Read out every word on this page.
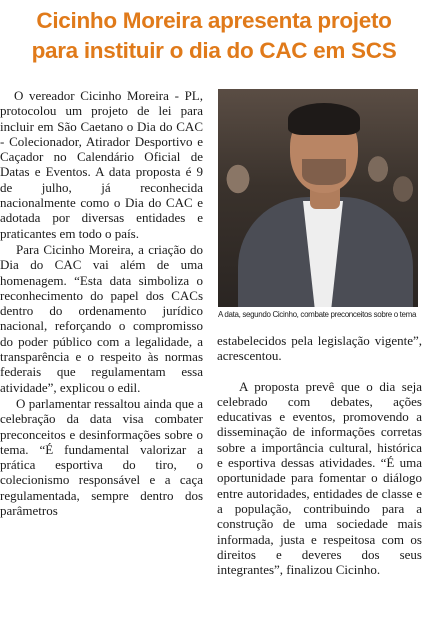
Cicinho Moreira apresenta projeto
para instituir o dia do CAC em SCS

O vereador Cicinho Moreira - PL, protocolou um projeto de lei para incluir em São Caetano o Dia do CAC - Colecionador, Atirador Desportivo e Caçador no Calendário Oficial de Datas e Eventos. A data proposta é 9 de julho, já reconhecida nacionalmente como o Dia do CAC e adotada por diversas entidades e praticantes em todo o país.

Para Cicinho Moreira, a criação do Dia do CAC vai além de uma homenagem. “Esta data simboliza o reconhecimento do papel dos CACs dentro do ordenamento jurídico nacional, reforçando o compromisso do poder público com a legalidade, a transparência e o respeito às normas federais que regulamentam essa atividade”, explicou o edil.

O parlamentar ressaltou ainda que a celebração da data visa combater preconceitos e desinformações sobre o tema. “É fundamental valorizar a prática esportiva do tiro, o colecionismo responsável e a caça regulamentada, sempre dentro dos parâmetros

A data, segundo Cicinho, combate preconceitos sobre o tema

estabelecidos pela legislação vigente”, acrescentou.

A proposta prevê que o dia seja celebrado com debates, ações educativas e eventos, promovendo a disseminação de informações corretas sobre a importância cultural, histórica e esportiva dessas atividades. “É uma oportunidade para fomentar o diálogo entre autoridades, entidades de classe e a população, contribuindo para a construção de uma sociedade mais informada, justa e respeitosa com os direitos e deveres dos seus integrantes”, finalizou Cicinho.
